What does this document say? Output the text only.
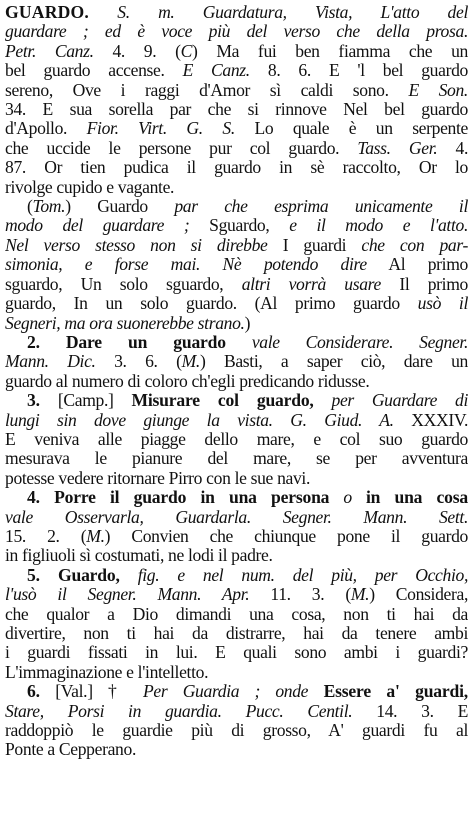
GUARDO. S. m. Guardatura, Vista, L'atto del
guardare ; ed è voce più del verso che della prosa.
Petr. Canz. 4. 9. (C) Ma fui ben fiamma che un
bel guardo accense. E Canz. 8. 6. E 'l bel guardo
sereno, Ove i raggi d'Amor sì caldi sono. E Son.
34. E sua sorella par che si rinnove Nel bel guardo
d'Apollo. Fior. Virt. G. S. Lo quale è un serpente
che uccide le persone pur col guardo. Tass. Ger. 4.
87. Or tien pudica il guardo in sè raccolto, Or lo
rivolge cupido e vagante.
(Tom.) Guardo par che esprima unicamente il
modo del guardare ; Sguardo, e il modo e l'atto.
Nel verso stesso non si direbbe I guardi che con par-
simonia, e forse mai. Nè potendo dire Al primo
sguardo, Un solo sguardo, altri vorrà usare Il primo
guardo, In un solo guardo. (Al primo guardo usò il
Segneri, ma ora suonerebbe strano.)
2. Dare un guardo vale Considerare. Segner.
Mann. Dic. 3. 6. (M.) Basti, a saper ciò, dare un
guardo al numero di coloro ch'egli predicando ridusse.
3. [Camp.] Misurare col guardo, per Guardare di
lungi sin dove giunge la vista. G. Giud. A. XXXIV.
E veniva alle piagge dello mare, e col suo guardo
mesurava le pianure del mare, se per avventura
potesse vedere ritornare Pirro con le sue navi.
4. Porre il guardo in una persona o in una cosa
vale Osservarla, Guardarla. Segner. Mann. Sett.
15. 2. (M.) Convien che chiunque pone il guardo
in figliuoli sì costumati, ne lodi il padre.
5. Guardo, fig. e nel num. del più, per Occhio,
l'usò il Segner. Mann. Apr. 11. 3. (M.) Considera,
che qualor a Dio dimandi una cosa, non ti hai da
divertire, non ti hai da distrarre, hai da tenere ambi
i guardi fissati in lui. E quali sono ambi i guardi?
L'immaginazione e l'intelletto.
6. [Val.] † Per Guardia ; onde Essere a' guardi,
Stare, Porsi in guardia. Pucc. Centil. 14. 3. E
raddoppiò le guardie più di grosso, A' guardi fu al
Ponte a Cepperano.
